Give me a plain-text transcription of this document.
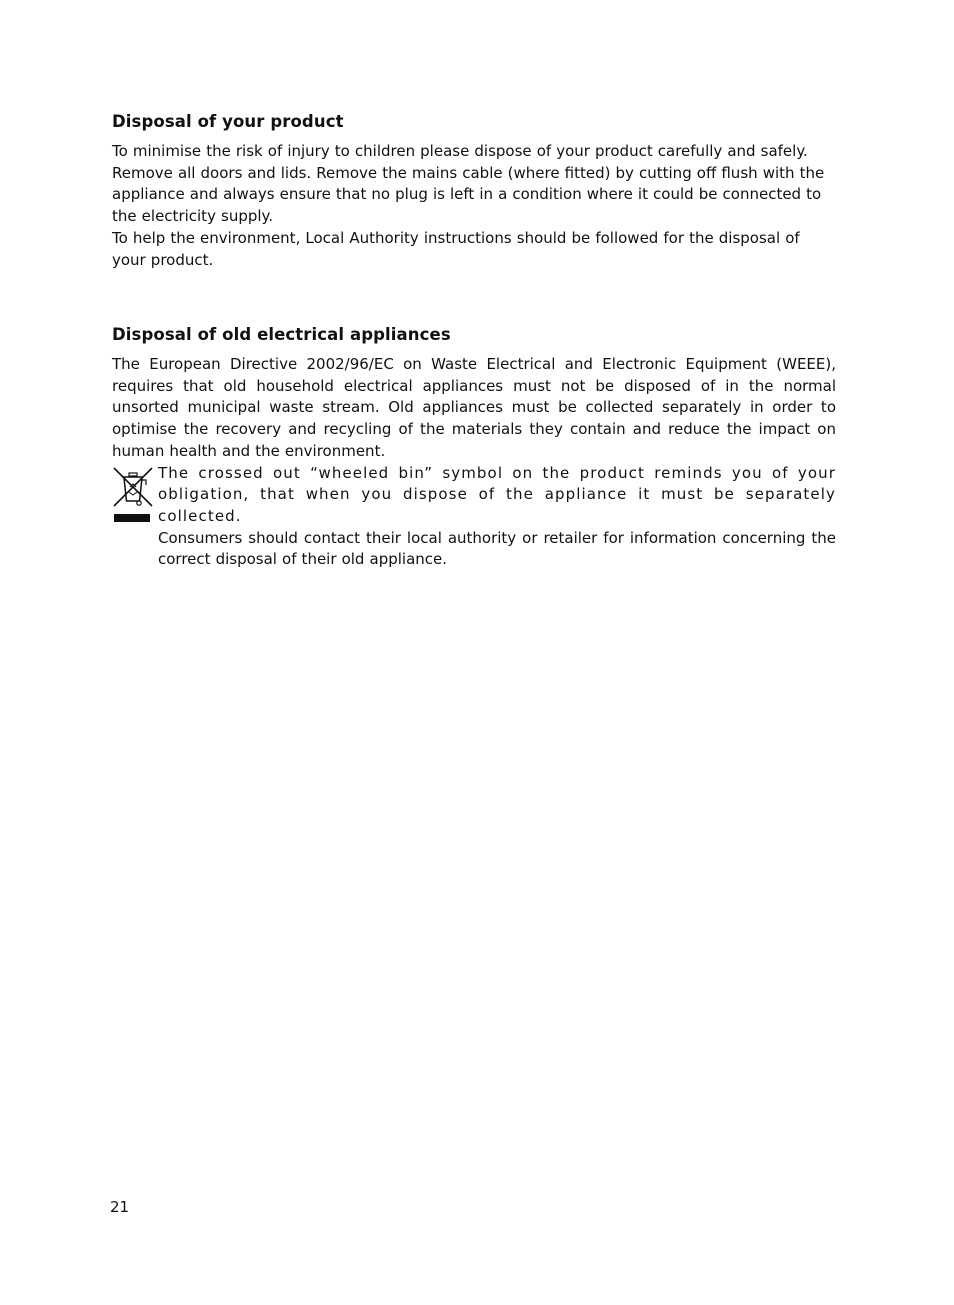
Disposal of your product

To minimise the risk of injury to children please dispose of your product carefully and safely. Remove all doors and lids. Remove the mains cable (where fitted) by cutting off flush with the appliance and always ensure that no plug is left in a condition where it could be connected to the electricity supply.

To help the environment, Local Authority instructions should be followed for the disposal of your product.

Disposal of old electrical appliances

The European Directive 2002/96/EC on Waste Electrical and Electronic Equipment (WEEE), requires that old household electrical appliances must not be disposed of in the normal unsorted municipal waste stream. Old appliances must be collected separately in order to optimise the recovery and recycling of the materials they contain and reduce the impact on human health and the environment.

The crossed out “wheeled bin” symbol on the product reminds you of your obligation, that when you dispose of the appliance it must be separately collected.

Consumers should contact their local authority or retailer for information concerning the correct disposal of their old appliance.

21
